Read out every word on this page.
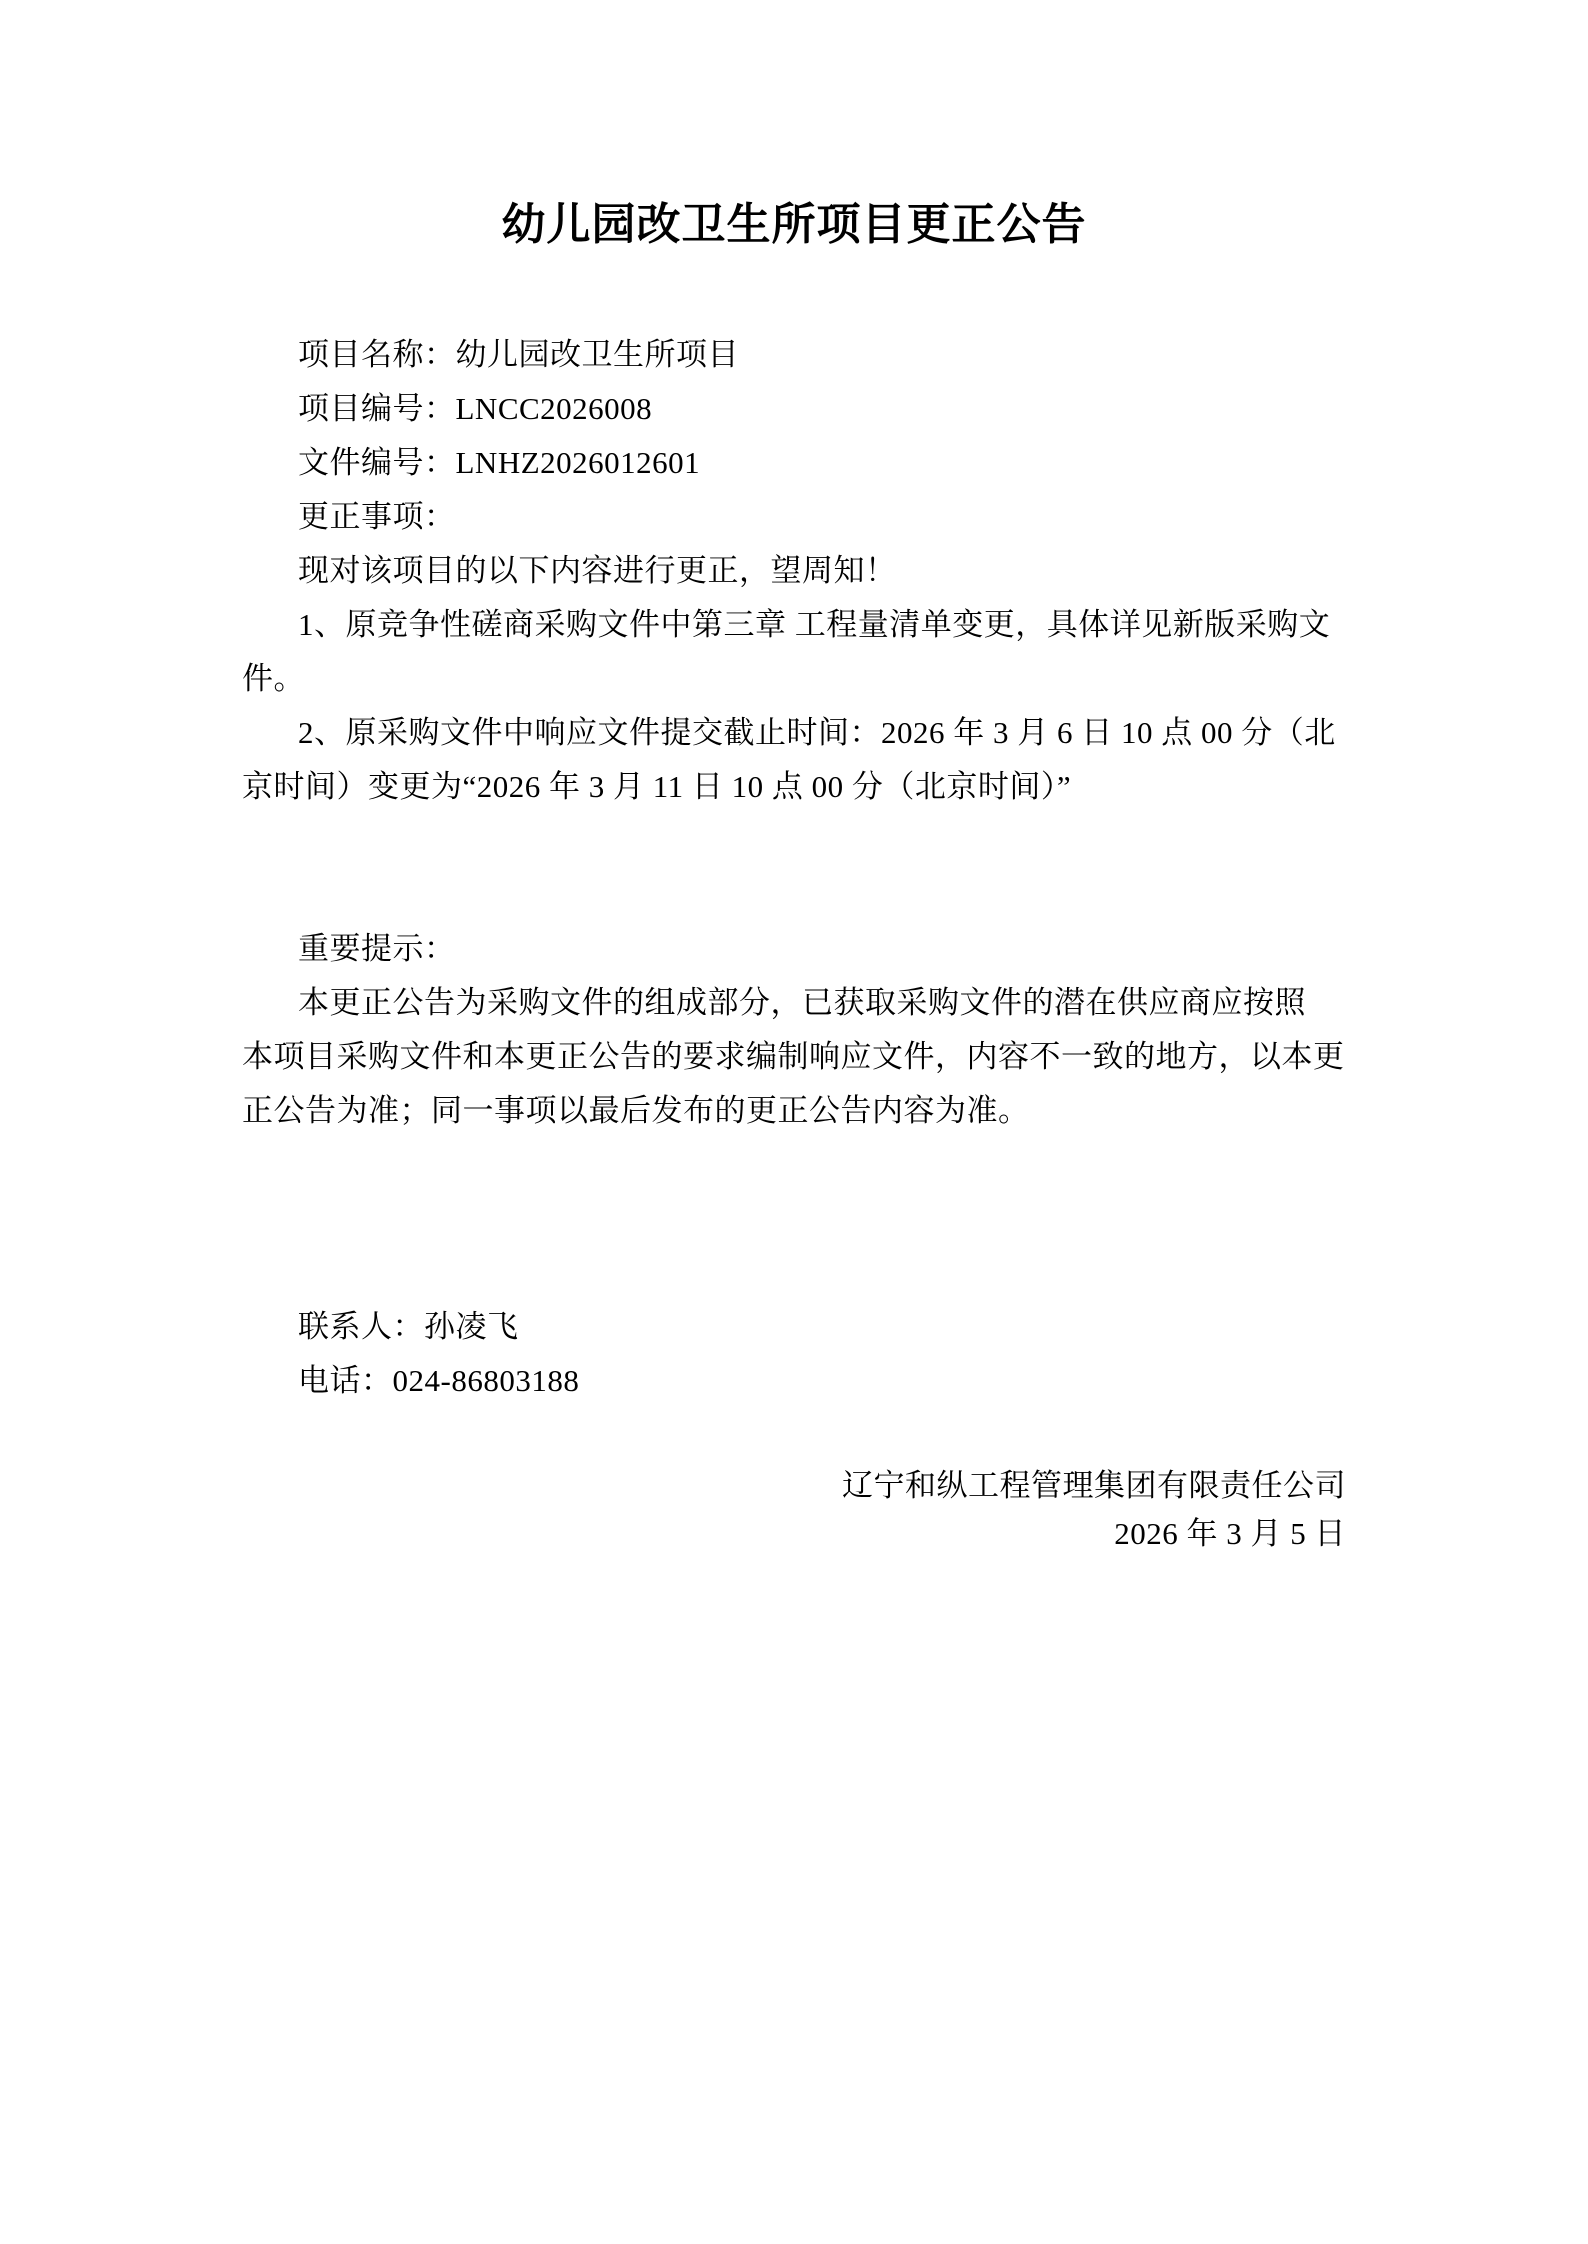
幼儿园改卫生所项目更正公告
项目名称：幼儿园改卫生所项目
项目编号：LNCC2026008
文件编号：LNHZ2026012601
更正事项：
现对该项目的以下内容进行更正，望周知！
1、原竞争性磋商采购文件中第三章 工程量清单变更，具体详见新版采购文
件。
2、原采购文件中响应文件提交截止时间：2026 年 3 月 6 日 10 点 00 分（北
京时间）变更为“2026 年 3 月 11 日 10 点 00 分（北京时间）”
重要提示：
本更正公告为采购文件的组成部分，已获取采购文件的潜在供应商应按照
本项目采购文件和本更正公告的要求编制响应文件，内容不一致的地方，以本更
正公告为准；同一事项以最后发布的更正公告内容为准。
联系人：孙凌飞
电话：024-86803188
辽宁和纵工程管理集团有限责任公司
2026 年 3 月 5 日
